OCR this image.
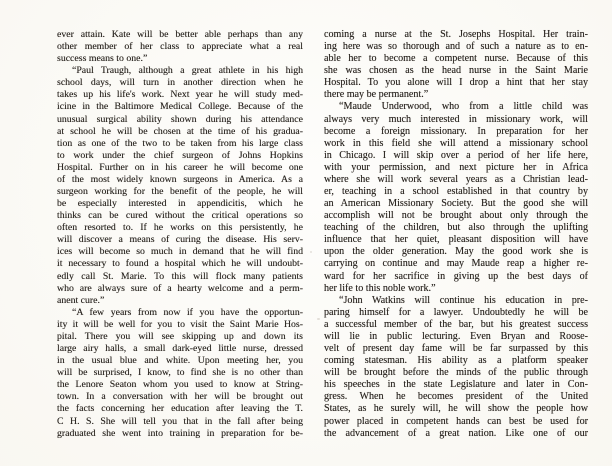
ever attain. Kate will be better able perhaps than any
other member of her class to appreciate what a real
success means to one.”
“Paul Traugh, although a great athlete in his high
school days, will turn in another direction when he
takes up his life's work. Next year he will study med-
icine in the Baltimore Medical College. Because of the
unusual surgical ability shown during his attendance
at school he will be chosen at the time of his gradua-
tion as one of the two to be taken from his large class
to work under the chief surgeon of Johns Hopkins
Hospital. Further on in his career he will become one
of the most widely known surgeons in America. As a
surgeon working for the benefit of the people, he will
be especially interested in appendicitis, which he
thinks can be cured without the critical operations so
often resorted to. If he works on this persistently, he
will discover a means of curing the disease. His serv-
ices will become so much in demand that he will find
it necessary to found a hospital which he will undoubt-
edly call St. Marie. To this will flock many patients
who are always sure of a hearty welcome and a perm-
anent cure.”
“A few years from now if you have the opportun-
ity it will be well for you to visit the Saint Marie Hos-
pital. There you will see skipping up and down its
large airy halls, a small dark-eyed little nurse, dressed
in the usual blue and white. Upon meeting her, you
will be surprised, I know, to find she is no other than
the Lenore Seaton whom you used to know at String-
town. In a conversation with her will be brought out
the facts concerning her education after leaving the T.
C H. S. She will tell you that in the fall after being
graduated she went into training in preparation for be-
coming a nurse at the St. Josephs Hospital. Her train-
ing here was so thorough and of such a nature as to en-
able her to become a competent nurse. Because of this
she was chosen as the head nurse in the Saint Marie
Hospital. To you alone will I drop a hint that her stay
there may be permanent.”
“Maude Underwood, who from a little child was
always very much interested in missionary work, will
become a foreign missionary. In preparation for her
work in this field she will attend a missionary school
in Chicago. I will skip over a period of her life here,
with your permission, and next picture her in Africa
where she will work several years as a Christian lead-
er, teaching in a school established in that country by
an American Missionary Society. But the good she will
accomplish will not be brought about only through the
teaching of the children, but also through the uplifting
influence that her quiet, pleasant disposition will have
upon the older generation. May the good work she is
carrying on continue and may Maude reap a higher re-
ward for her sacrifice in giving up the best days of
her life to this noble work.”
“John Watkins will continue his education in pre-
paring himself for a lawyer. Undoubtedly he will be
a successful member of the bar, but his greatest success
will lie in public lecturing. Even Bryan and Roose-
velt of present day fame will be far surpassed by this
coming statesman. His ability as a platform speaker
will be brought before the minds of the public through
his speeches in the state Legislature and later in Con-
gress. When he becomes president of the United
States, as he surely will, he will show the people how
power placed in competent hands can best be used for
the advancement of a great nation. Like one of our
